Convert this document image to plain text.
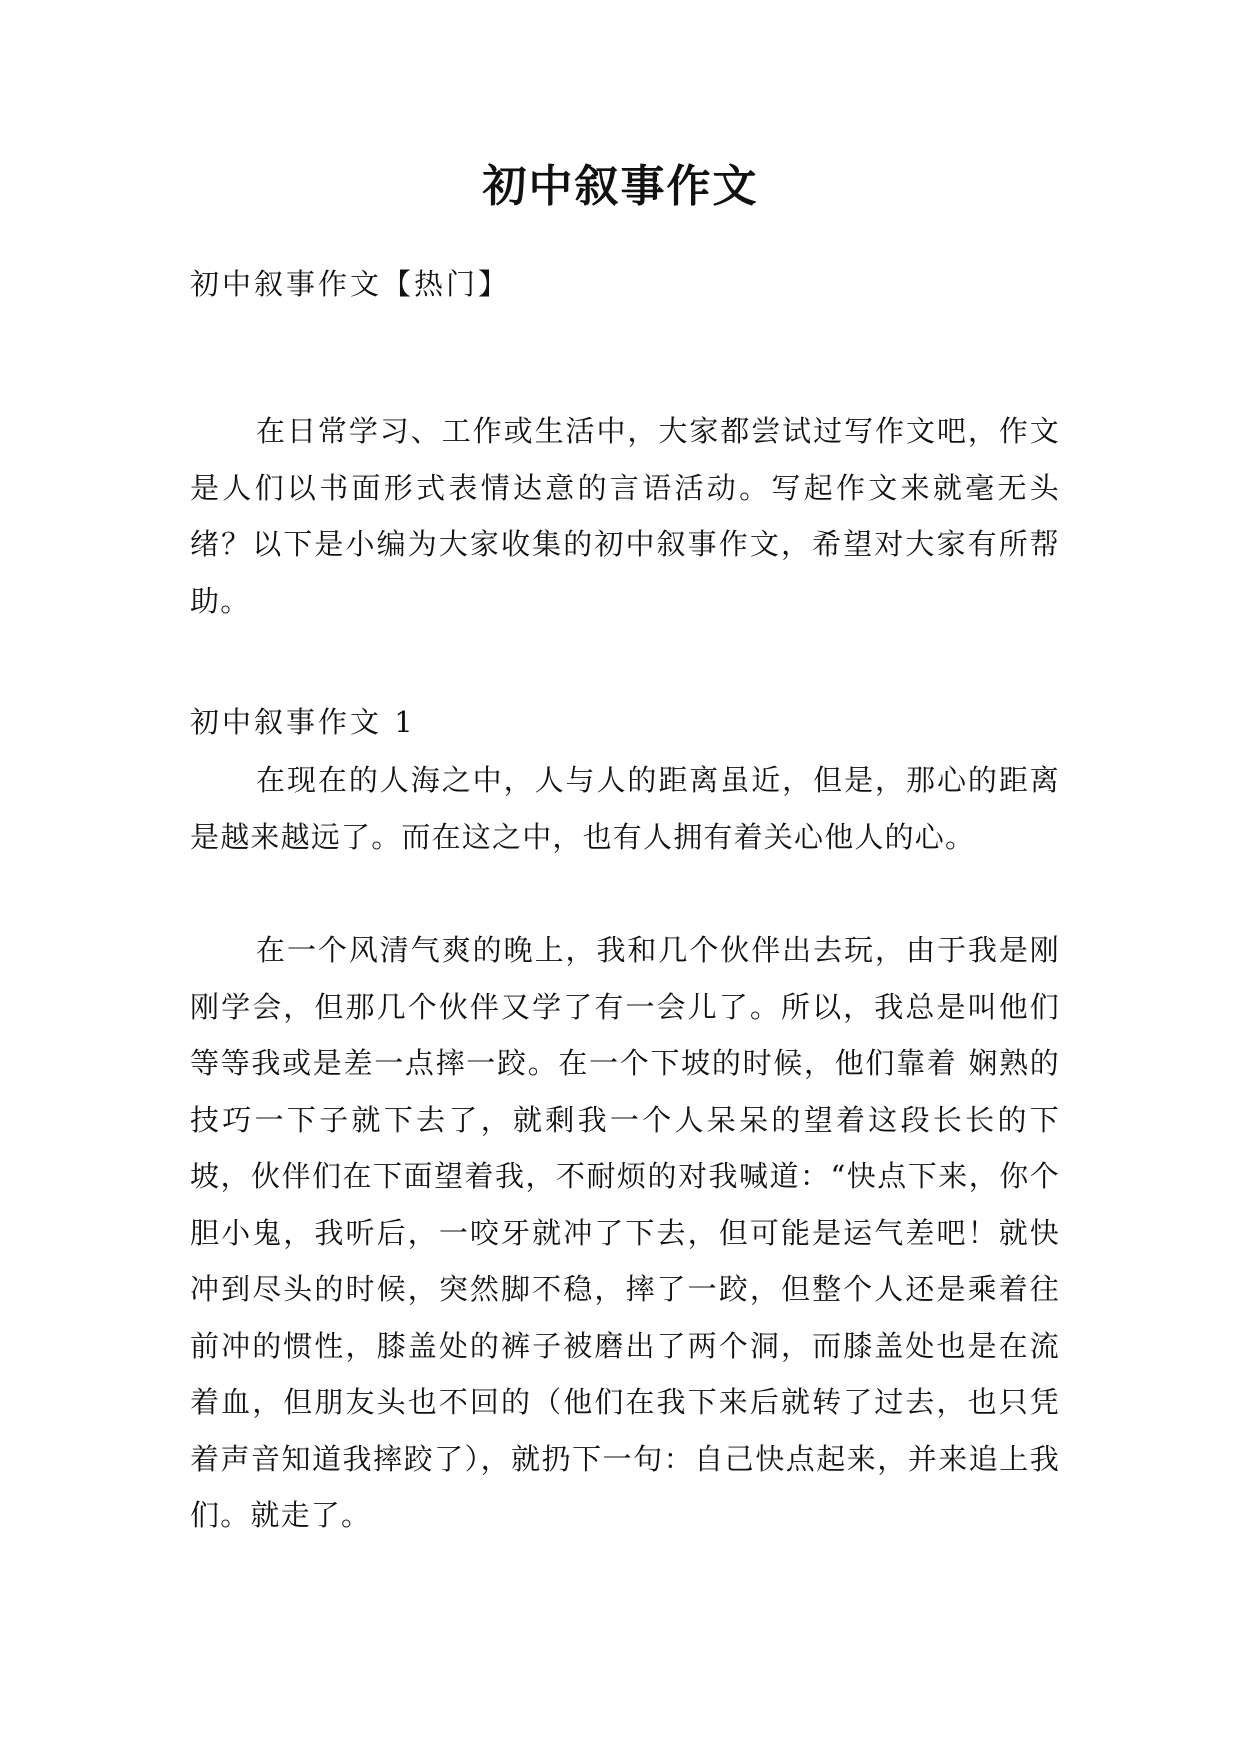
初中叙事作文

初中叙事作文【热门】

在日常学习、工作或生活中，大家都尝试过写作文吧，作文是人们以书面形式表情达意的言语活动。写起作文来就毫无头绪？以下是小编为大家收集的初中叙事作文，希望对大家有所帮助。

初中叙事作文 1

在现在的人海之中，人与人的距离虽近，但是，那心的距离是越来越远了。而在这之中，也有人拥有着关心他人的心。

在一个风清气爽的晚上，我和几个伙伴出去玩，由于我是刚刚学会，但那几个伙伴又学了有一会儿了。所以，我总是叫他们等等我或是差一点摔一跤。在一个下坡的时候，他们靠着 娴熟的技巧一下子就下去了，就剩我一个人呆呆的望着这段长长的下坡，伙伴们在下面望着我，不耐烦的对我喊道：“快点下来，你个胆小鬼，我听后，一咬牙就冲了下去，但可能是运气差吧！就快冲到尽头的时候，突然脚不稳，摔了一跤，但整个人还是乘着往前冲的惯性，膝盖处的裤子被磨出了两个洞，而膝盖处也是在流着血，但朋友头也不回的（他们在我下来后就转了过去，也只凭着声音知道我摔跤了），就扔下一句：自己快点起来，并来追上我们。就走了。
